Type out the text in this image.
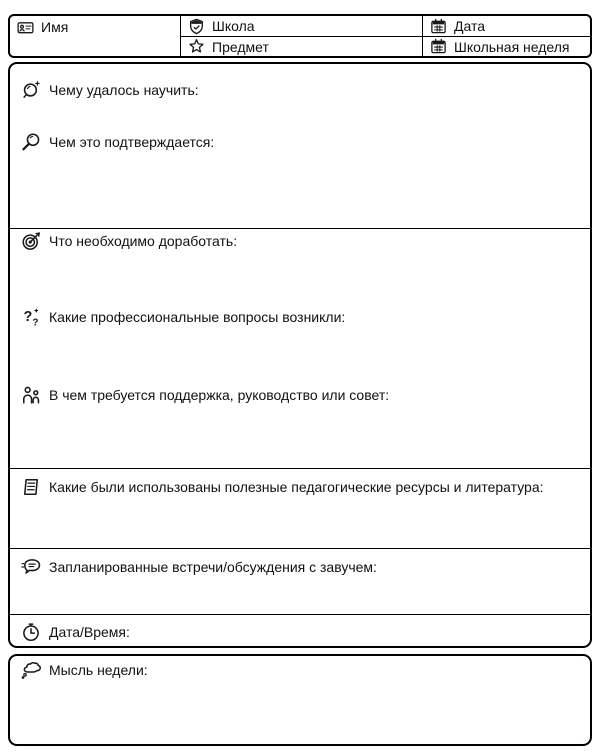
Имя	Школа	Дата
Предмет	Школьная неделя
Чему удалось научить:
Чем это подтверждается:
Что необходимо доработать:
? ? Какие профессиональные вопросы возникли:
В чем требуется поддержка, руководство или совет:
Какие были использованы полезные педагогические ресурсы и литература:
Запланированные встречи/обсуждения с завучем:
Дата/Время:
Мысль недели:
